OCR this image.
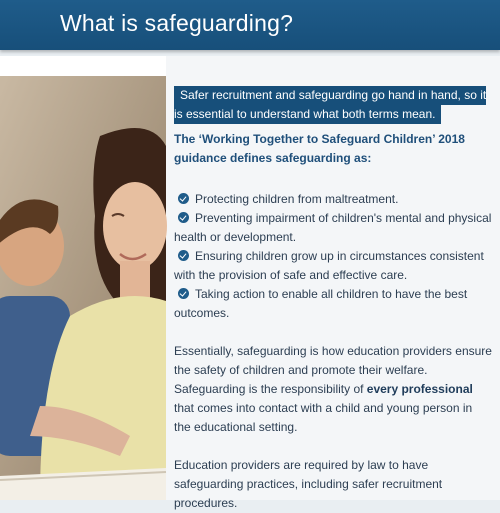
What is safeguarding?
Safer recruitment and safeguarding go hand in hand, so it is essential to understand what both terms mean.
The ‘Working Together to Safeguard Children’ 2018 guidance defines safeguarding as:
Protecting children from maltreatment.
Preventing impairment of children's mental and physical health or development.
Ensuring children grow up in circumstances consistent with the provision of safe and effective care.
Taking action to enable all children to have the best outcomes.
Essentially, safeguarding is how education providers ensure the safety of children and promote their welfare. Safeguarding is the responsibility of every professional that comes into contact with a child and young person in the educational setting.
Education providers are required by law to have safeguarding practices, including safer recruitment procedures.
